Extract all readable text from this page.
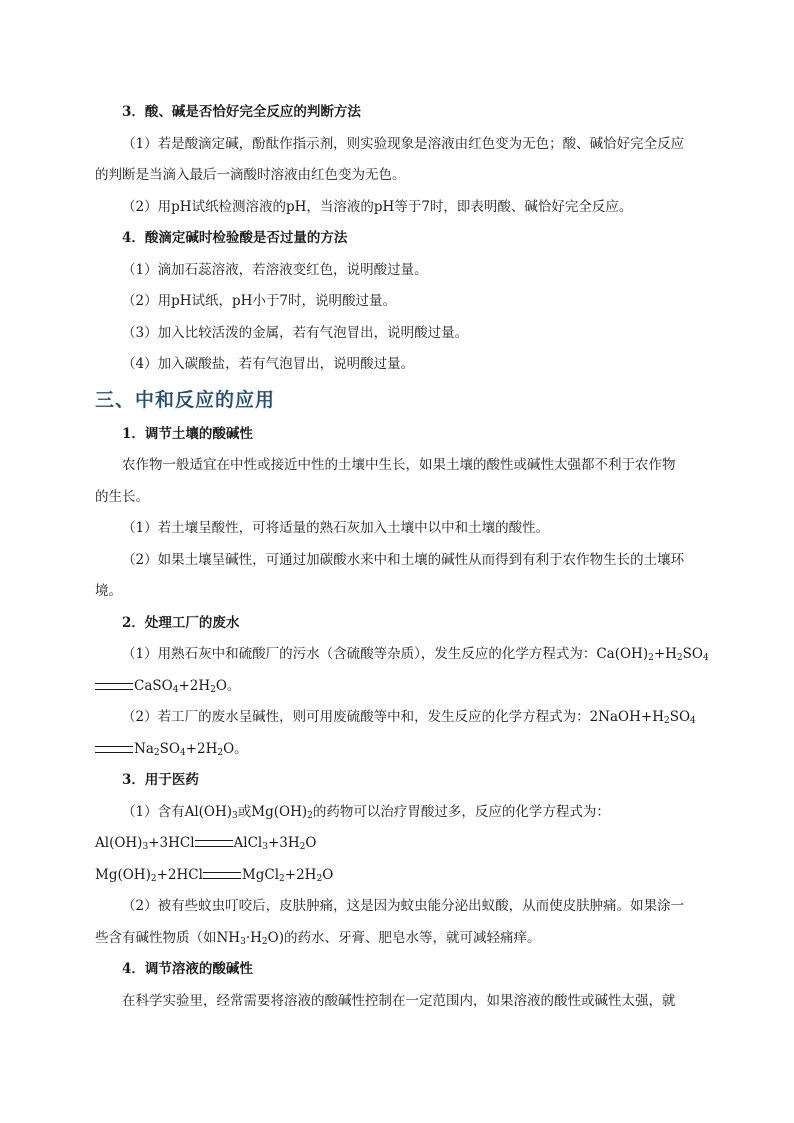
3．酸、碱是否恰好完全反应的判断方法
（1）若是酸滴定碱，酚酞作指示剂，则实验现象是溶液由红色变为无色；酸、碱恰好完全反应
的判断是当滴入最后一滴酸时溶液由红色变为无色。
（2）用pH试纸检测溶液的pH，当溶液的pH等于7时，即表明酸、碱恰好完全反应。
4．酸滴定碱时检验酸是否过量的方法
（1）滴加石蕊溶液，若溶液变红色，说明酸过量。
（2）用pH试纸，pH小于7时，说明酸过量。
（3）加入比较活泼的金属，若有气泡冒出，说明酸过量。
（4）加入碳酸盐，若有气泡冒出，说明酸过量。
三、中和反应的应用
1．调节土壤的酸碱性
农作物一般适宜在中性或接近中性的土壤中生长，如果土壤的酸性或碱性太强都不利于农作物
的生长。
（1）若土壤呈酸性，可将适量的熟石灰加入土壤中以中和土壤的酸性。
（2）如果土壤呈碱性，可通过加碳酸水来中和土壤的碱性从而得到有利于农作物生长的土壤环
境。
2．处理工厂的废水
（1）用熟石灰中和硫酸厂的污水（含硫酸等杂质），发生反应的化学方程式为：$Ca(OH)_2+H_2SO_4$
$CaSO_4+2H_2O$。
（2）若工厂的废水呈碱性，则可用废硫酸等中和，发生反应的化学方程式为：$2NaOH+H_2SO_4$
$Na_2SO_4+2H_2O$。
3．用于医药
（1）含有$Al(OH)_3$或$Mg(OH)_2$的药物可以治疗胃酸过多，反应的化学方程式为：
$Al(OH)_3+3HCl$	$AlCl_3+3H_2O$
$Mg(OH)_2+2HCl$	$MgCl_2+2H_2O$
（2）被有些蚊虫叮咬后，皮肤肿痛，这是因为蚊虫能分泌出蚁酸，从而使皮肤肿痛。如果涂一
些含有碱性物质（如$NH_3\cdot H_2O$)的药水、牙膏、肥皂水等，就可减轻痛痒。
4．调节溶液的酸碱性
在科学实验里，经常需要将溶液的酸碱性控制在一定范围内，如果溶液的酸性或碱性太强，就
